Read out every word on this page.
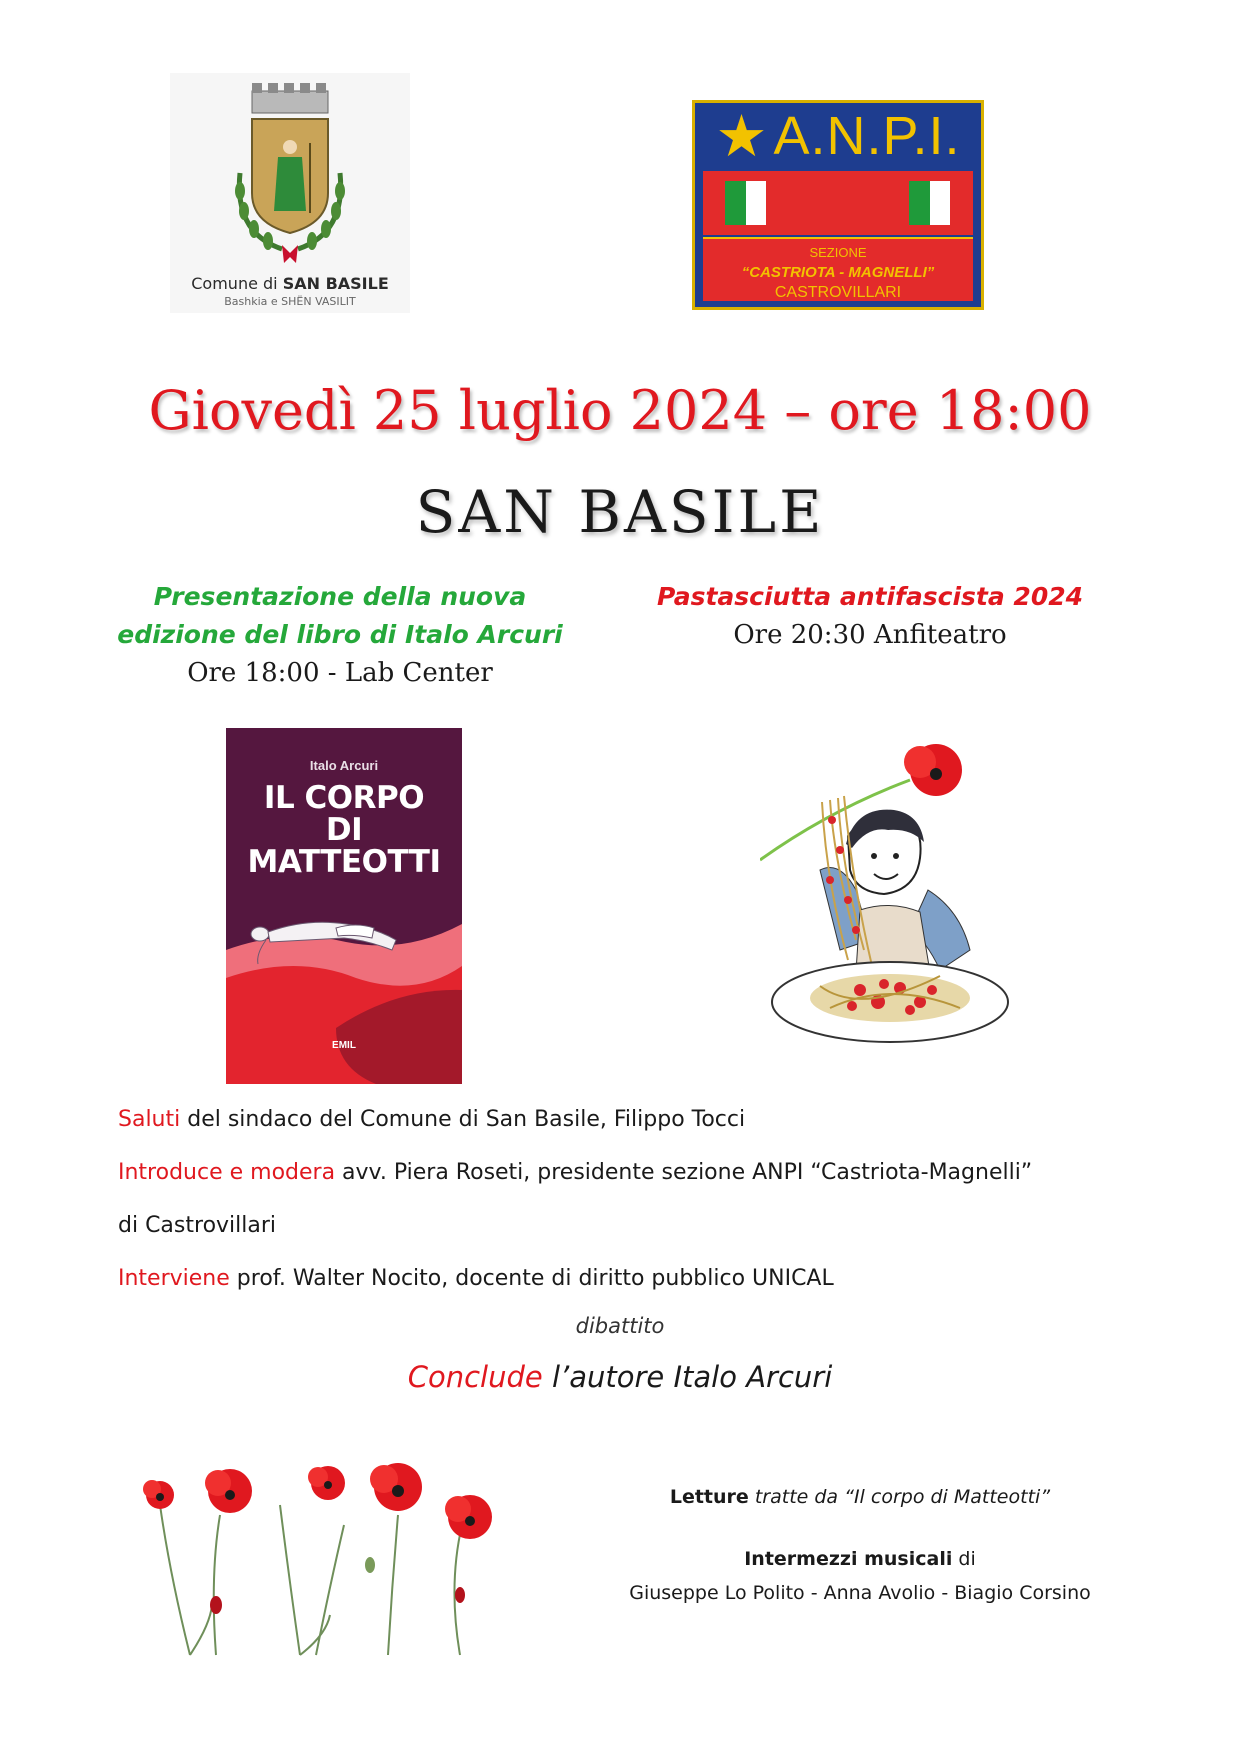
Comune di SAN BASILE
Bashkia e SHËN VASILIT
★ A.N.P.I.
SEZIONE
“CASTRIOTA - MAGNELLI”
CASTROVILLARI
Giovedì 25 luglio 2024 – ore 18:00
SAN BASILE
Presentazione della nuova
edizione del libro di Italo Arcuri
Ore 18:00 - Lab Center
Pastasciutta antifascista 2024
Ore 20:30 Anfiteatro
Italo Arcuri
IL CORPO
DI MATTEOTTI
EMIL
Saluti del sindaco del Comune di San Basile, Filippo Tocci
Introduce e modera avv. Piera Roseti, presidente sezione ANPI “Castriota-Magnelli”
di Castrovillari
Interviene prof. Walter Nocito, docente di diritto pubblico UNICAL
dibattito
Conclude l’autore Italo Arcuri
Letture tratte da “Il corpo di Matteotti”
Intermezzi musicali di
Giuseppe Lo Polito - Anna Avolio - Biagio Corsino
